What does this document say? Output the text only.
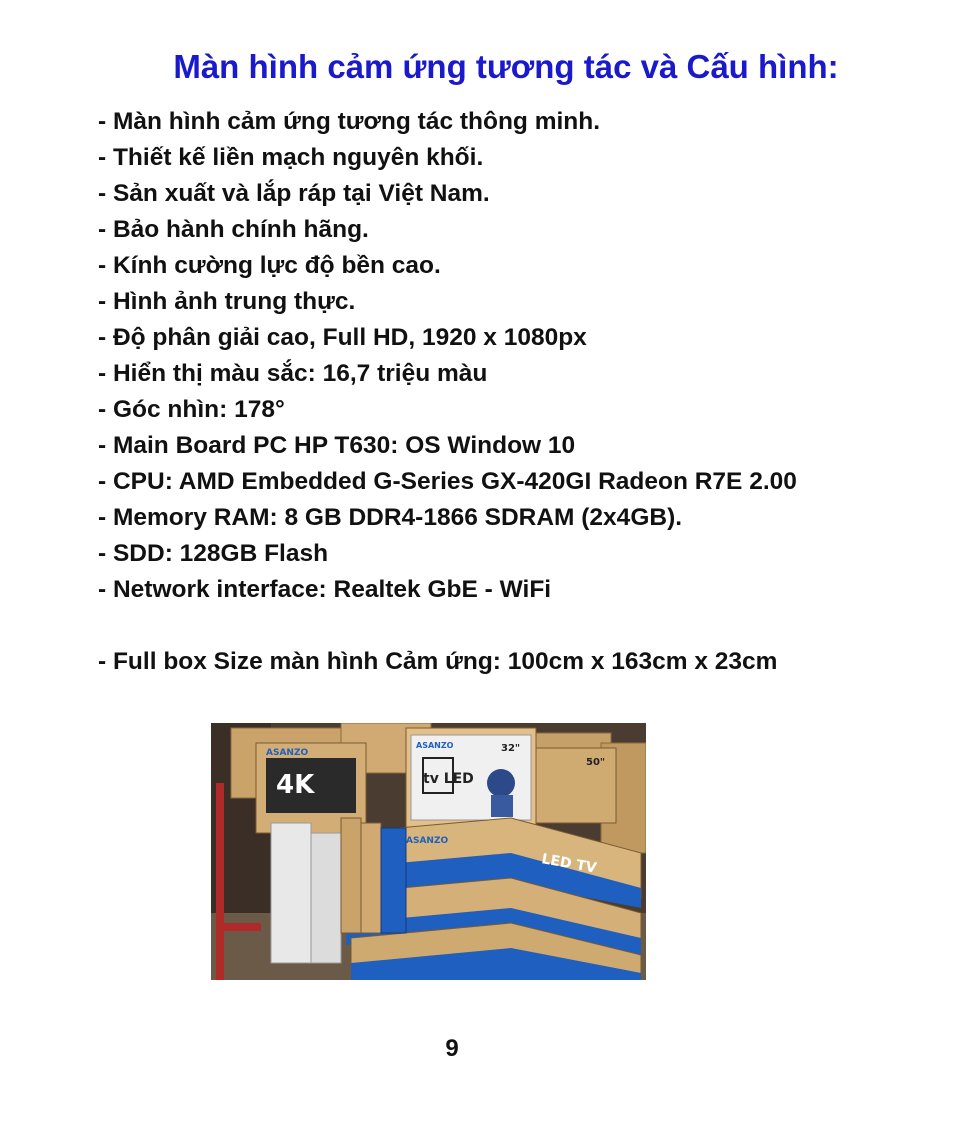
Màn hình cảm ứng tương tác và Cấu hình:
- Màn hình cảm ứng tương tác thông minh.
- Thiết kế liền mạch nguyên khối.
- Sản xuất và lắp ráp tại Việt Nam.
- Bảo hành chính hãng.
- Kính cường lực độ bền cao.
- Hình ảnh trung thực.
- Độ phân giải cao, Full HD, 1920 x 1080px
- Hiển thị màu sắc: 16,7 triệu màu
- Góc nhìn: 178°
- Main Board PC HP T630: OS Window 10
- CPU: AMD Embedded G-Series GX-420GI Radeon R7E 2.00
- Memory RAM: 8 GB DDR4-1866 SDRAM (2x4GB).
- SDD: 128GB Flash
- Network interface: Realtek GbE - WiFi
- Full box Size màn hình Cảm ứng: 100cm x 163cm x 23cm
4K
ASANZO
tv LED
32"
ASANZO
50"
LED TV
ASANZO
9
